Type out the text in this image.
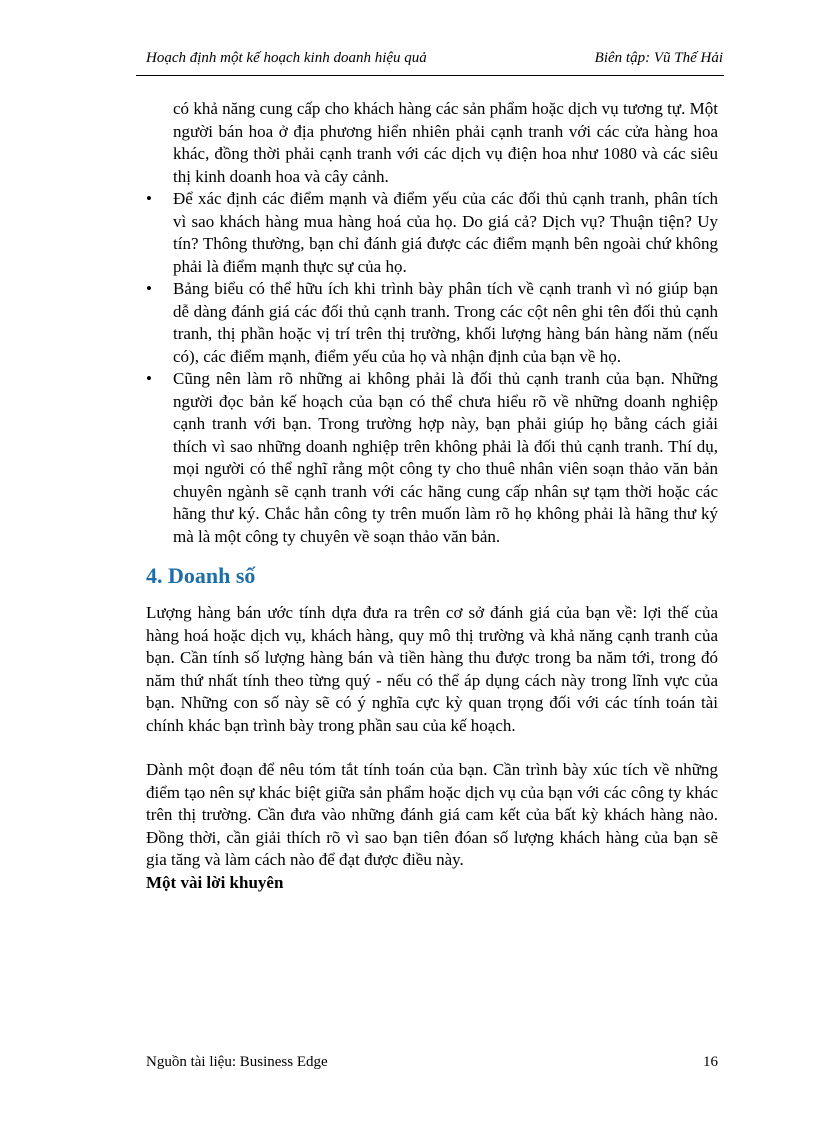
Hoạch định một kế hoạch kinh doanh hiệu quả	Biên tập: Vũ Thế Hải

có khả năng cung cấp cho khách hàng các sản phẩm hoặc dịch vụ tương tự. Một người bán hoa ở địa phương hiển nhiên phải cạnh tranh với các cửa hàng hoa khác, đồng thời phải cạnh tranh với các dịch vụ điện hoa như 1080 và các siêu thị kinh doanh hoa và cây cảnh.

•	Để xác định các điểm mạnh và điểm yếu của các đối thủ cạnh tranh, phân tích vì sao khách hàng mua hàng hoá của họ. Do giá cả? Dịch vụ? Thuận tiện? Uy tín? Thông thường, bạn chỉ đánh giá được các điểm mạnh bên ngoài chứ không phải là điểm mạnh thực sự của họ.
•	Bảng biểu có thể hữu ích khi trình bày phân tích về cạnh tranh vì nó giúp bạn dễ dàng đánh giá các đối thủ cạnh tranh. Trong các cột nên ghi tên đối thủ cạnh tranh, thị phần hoặc vị trí trên thị trường, khối lượng hàng bán hàng năm (nếu có), các điểm mạnh, điểm yếu của họ và nhận định của bạn về họ.
•	Cũng nên làm rõ những ai không phải là đối thủ cạnh tranh của bạn. Những người đọc bản kế hoạch của bạn có thể chưa hiểu rõ về những doanh nghiệp cạnh tranh với bạn. Trong trường hợp này, bạn phải giúp họ bằng cách giải thích vì sao những doanh nghiệp trên không phải là đối thủ cạnh tranh. Thí dụ, mọi người có thể nghĩ rằng một công ty cho thuê nhân viên soạn thảo văn bản chuyên ngành sẽ cạnh tranh với các hãng cung cấp nhân sự tạm thời hoặc các hãng thư ký. Chắc hẳn công ty trên muốn làm rõ họ không phải là hãng thư ký mà là một công ty chuyên về soạn thảo văn bản.
4. Doanh số

Lượng hàng bán ước tính dựa đưa ra trên cơ sở đánh giá của bạn về: lợi thế của hàng hoá hoặc dịch vụ, khách hàng, quy mô thị trường và khả năng cạnh tranh của bạn. Cần tính số lượng hàng bán và tiền hàng thu được trong ba năm tới, trong đó năm thứ nhất tính theo từng quý - nếu có thể áp dụng cách này trong lĩnh vực của bạn. Những con số này sẽ có ý nghĩa cực kỳ quan trọng đối với các tính toán tài chính khác bạn trình bày trong phần sau của kế hoạch.

Dành một đoạn để nêu tóm tắt tính toán của bạn. Cần trình bày xúc tích về những điểm tạo nên sự khác biệt giữa sản phẩm hoặc dịch vụ của bạn với các công ty khác trên thị trường. Cần đưa vào những đánh giá cam kết của bất kỳ khách hàng nào. Đồng thời, cần giải thích rõ vì sao bạn tiên đóan số lượng khách hàng của bạn sẽ gia tăng và làm cách nào để đạt được điều này.

Một vài lời khuyên

Nguồn tài liệu: Business Edge	16
